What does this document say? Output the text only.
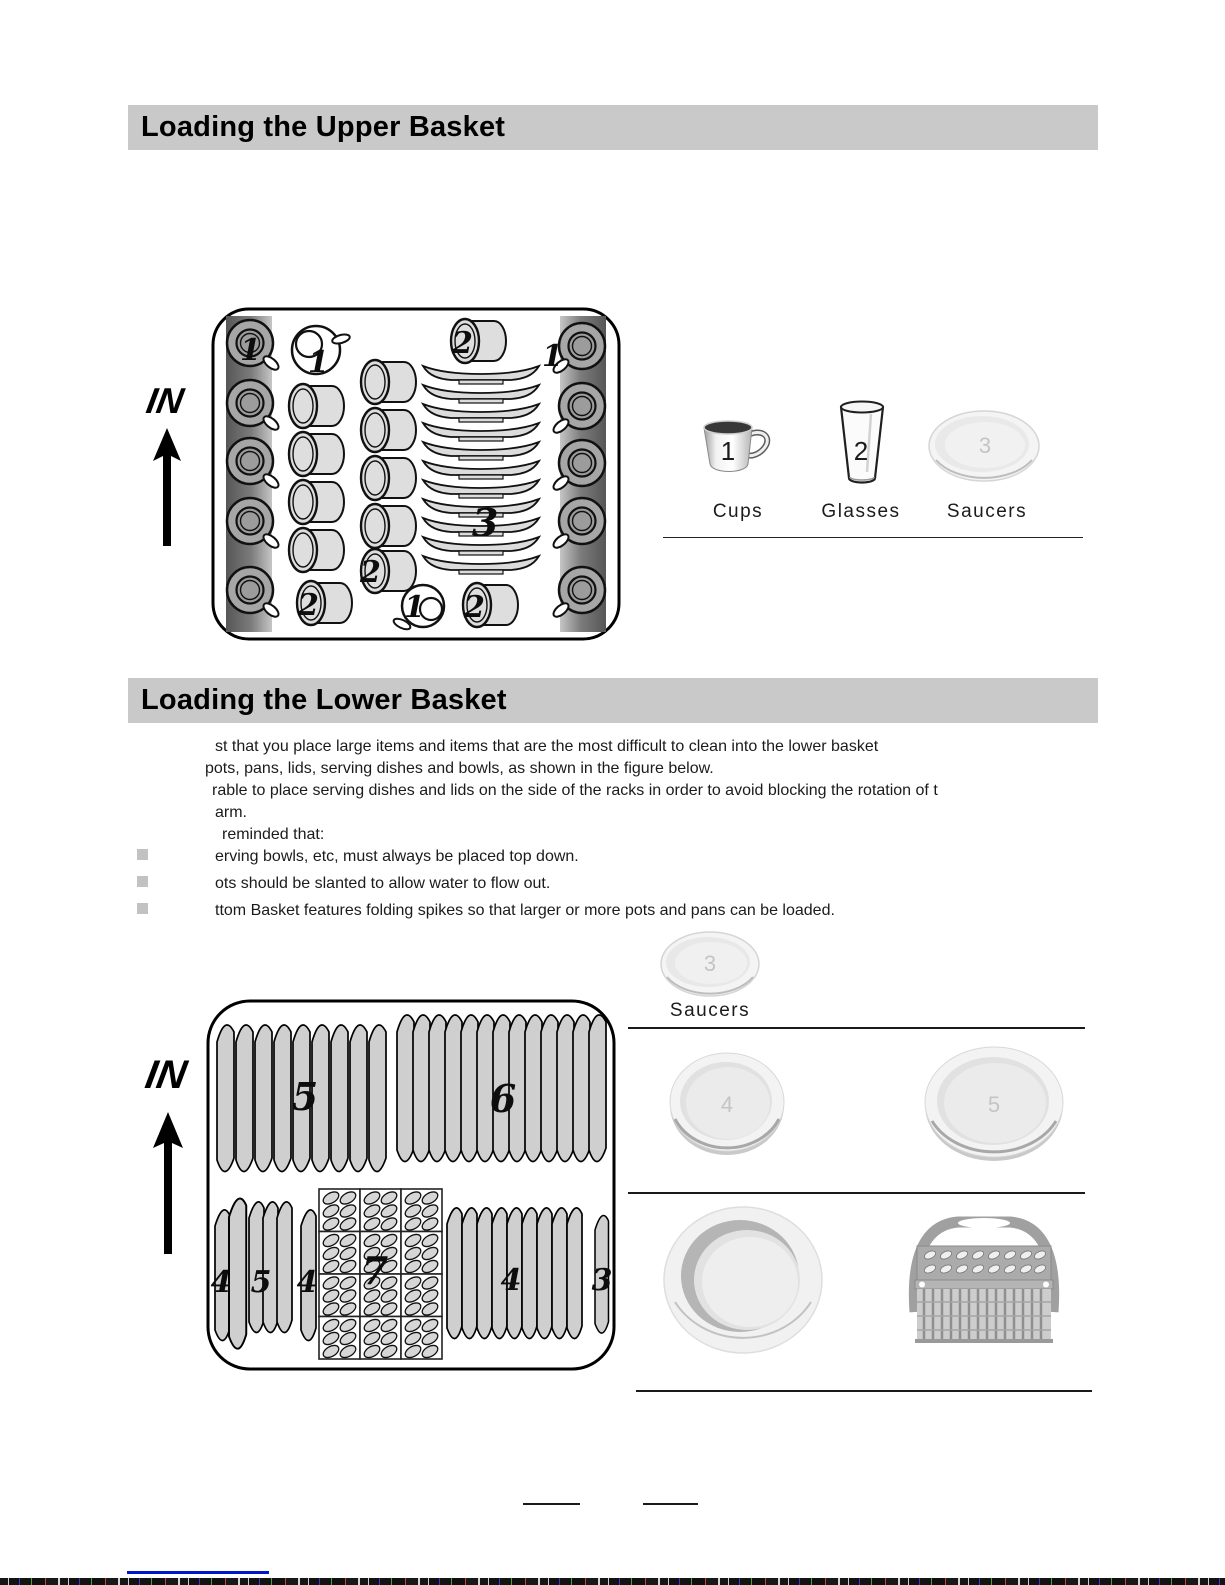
Loading the Upper Basket
IN
1 1
2 1
2
2	1 2
3
1	2	3
Cups	Glasses Saucers
Loading the Lower Basket
st that you place large items and items that are the most difficult to clean into the lower basket
pots, pans, lids, serving dishes and bowls, as shown in the figure below.
rable to place serving dishes and lids on the side of the racks in order to avoid blocking the rotation of t
arm.
reminded that:
erving bowls, etc, must always be placed top down.
ots should be slanted to allow water to flow out.
ttom Basket features folding spikes so that larger or more pots and pans can be loaded.
IN	5	6
4 5 4 7	4 3
3
Saucers
4	5
